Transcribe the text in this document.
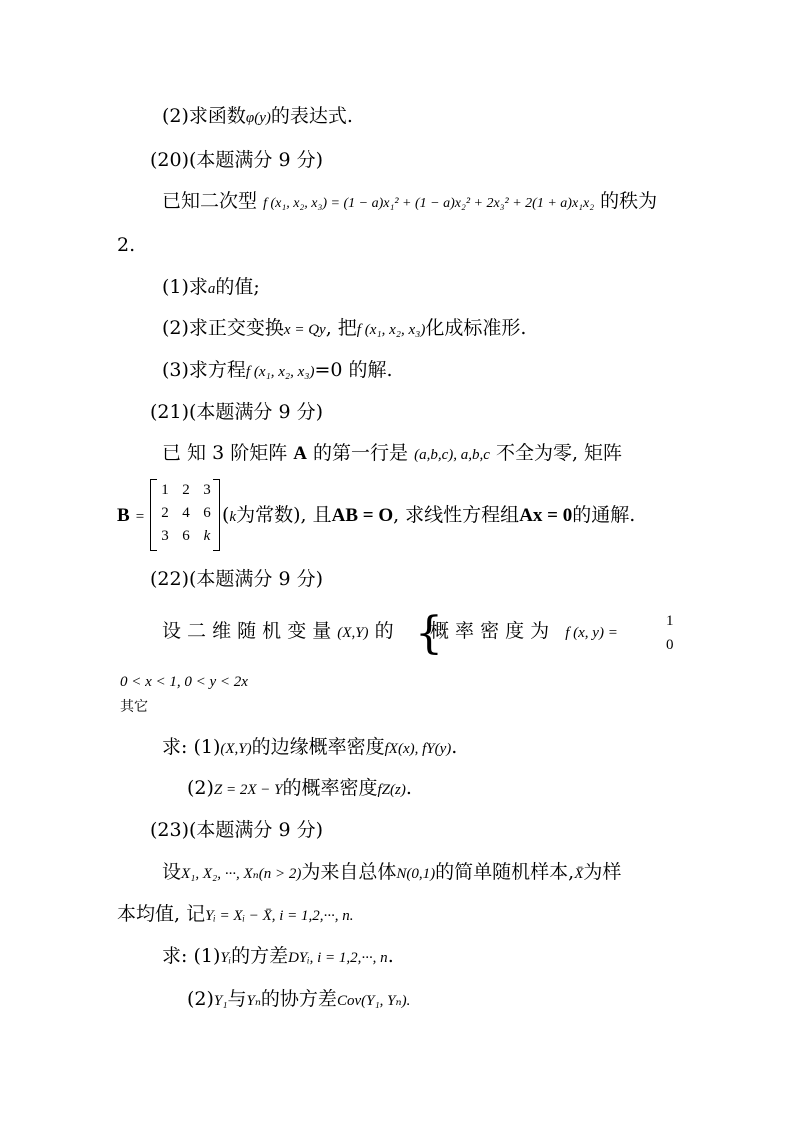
(2)求函数φ(y)的表达式.
(20)(本题满分 9 分)
已知二次型 f (x₁, x₂, x₃) = (1 − a)x₁² + (1 − a)x₂² + 2x₃² + 2(1 + a)x₁x₂ 的秩为
2.
(1)求a的值;
(2)求正交变换x = Qy, 把f (x₁, x₂, x₃)化成标准形.
(3)求方程f (x₁, x₂, x₃)=0 的解.
(21)(本题满分 9 分)
已 知 3 阶矩阵 A 的第一行是 (a,b,c), a,b,c 不全为零, 矩阵
B =
1 2 3
2 4 6
3 6 k
(k为常数), 且AB = O, 求线性方程组Ax = 0的通解.
(22)(本题满分 9 分)
设 二 维 随 机 变 量 (X,Y) 的 {
概 率 密 度 为 f (x, y) =
1
0
0 < x < 1, 0 < y < 2x
其它
求: (1)(X,Y)的边缘概率密度fX(x), fY(y).
(2)Z = 2X − Y的概率密度fZ(z).
(23)(本题满分 9 分)
设X₁, X₂, ···, Xₙ(n > 2)为来自总体N(0,1)的简单随机样本,X̄为样
本均值, 记Yᵢ = Xᵢ − X̄, i = 1,2,···, n.
求: (1)Yᵢ的方差DYᵢ, i = 1,2,···, n.
(2)Y₁与Yₙ的协方差Cov(Y₁, Yₙ).
